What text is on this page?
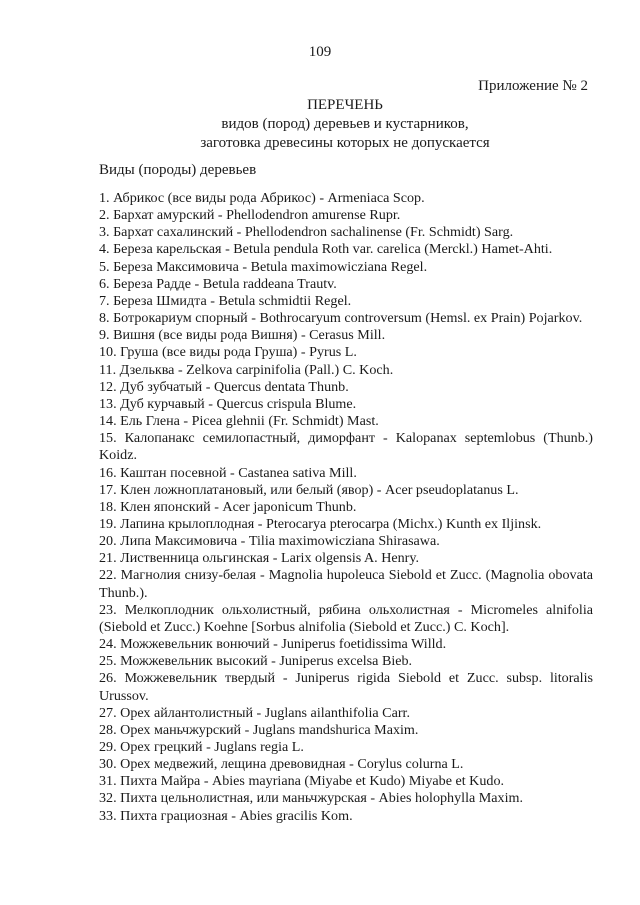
109
Приложение № 2
ПЕРЕЧЕНЬ
видов (пород) деревьев и кустарников,
заготовка древесины которых не допускается
Виды (породы) деревьев
1. Абрикос (все виды рода Абрикос) - Armeniaca Scop.
2. Бархат амурский - Phellodendron amurense Rupr.
3. Бархат сахалинский - Phellodendron sachalinense (Fr. Schmidt) Sarg.
4. Береза карельская - Betula pendula Roth var. carelica (Merckl.) Hamet-Ahti.
5. Береза Максимовича - Betula maximowicziana Regel.
6. Береза Радде - Betula raddeana Trautv.
7. Береза Шмидта - Betula schmidtii Regel.
8. Ботрокариум спорный - Bothrocaryum controversum (Hemsl. ex Prain) Pojarkov.
9. Вишня (все виды рода Вишня) - Cerasus Mill.
10. Груша (все виды рода Груша) - Pyrus L.
11. Дзельква - Zelkova carpinifolia (Pall.) C. Koch.
12. Дуб зубчатый - Quercus dentata Thunb.
13. Дуб курчавый - Quercus crispula Blume.
14. Ель Глена - Picea glehnii (Fr. Schmidt) Mast.
15. Калопанакс семилопастный, диморфант - Kalopanax septemlobus (Thunb.) Koidz.
16. Каштан посевной - Castanea sativa Mill.
17. Клен ложноплатановый, или белый (явор) - Acer pseudoplatanus L.
18. Клен японский - Acer japonicum Thunb.
19. Лапина крылоплодная - Pterocarya pterocarpa (Michx.) Kunth ex Iljinsk.
20. Липа Максимовича - Tilia maximowicziana Shirasawa.
21. Лиственница ольгинская - Larix olgensis A. Henry.
22. Магнолия снизу-белая - Magnolia hupoleuca Siebold et Zucc. (Magnolia obovata Thunb.).
23. Мелкоплодник ольхолистный, рябина ольхолистная - Micromeles alnifolia (Siebold et Zucc.) Koehne [Sorbus alnifolia (Siebold et Zucc.) C. Koch].
24. Можжевельник вонючий - Juniperus foetidissima Willd.
25. Можжевельник высокий - Juniperus excelsa Bieb.
26. Можжевельник твердый - Juniperus rigida Siebold et Zucc. subsp. litoralis Urussov.
27. Орех айлантолистный - Juglans ailanthifolia Carr.
28. Орех маньчжурский - Juglans mandshurica Maxim.
29. Орех грецкий - Juglans regia L.
30. Орех медвежий, лещина древовидная - Corylus colurna L.
31. Пихта Майра - Abies mayriana (Miyabe et Kudo) Miyabe et Kudo.
32. Пихта цельнолистная, или маньчжурская - Abies holophylla Maxim.
33. Пихта грациозная - Abies gracilis Kom.
